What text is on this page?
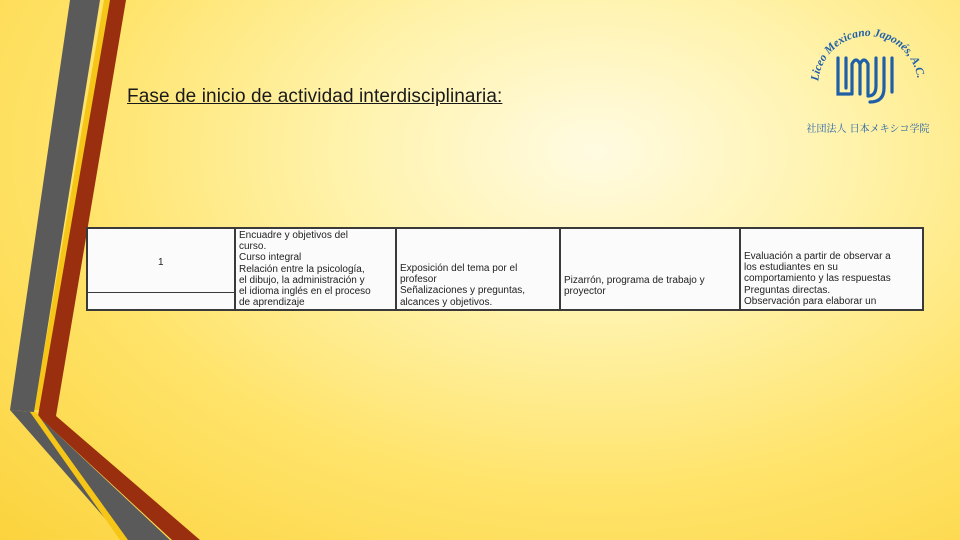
Fase de inicio de actividad interdisciplinaria:
Liceo Mexicano Japonés, A.C.
社団法人 日本メキシコ学院
1
Encuadre y objetivos del
curso.
Curso integral
Relación entre la psicología,
el dibujo, la administración y
el idioma inglés en el proceso
de aprendizaje
Exposición del tema por el
profesor
Señalizaciones y preguntas,
alcances y objetivos.
Pizarrón, programa de trabajo y
proyector
Evaluación a partir de observar a
los estudiantes en su
comportamiento y las respuestas
Preguntas directas.
Observación para elaborar un
